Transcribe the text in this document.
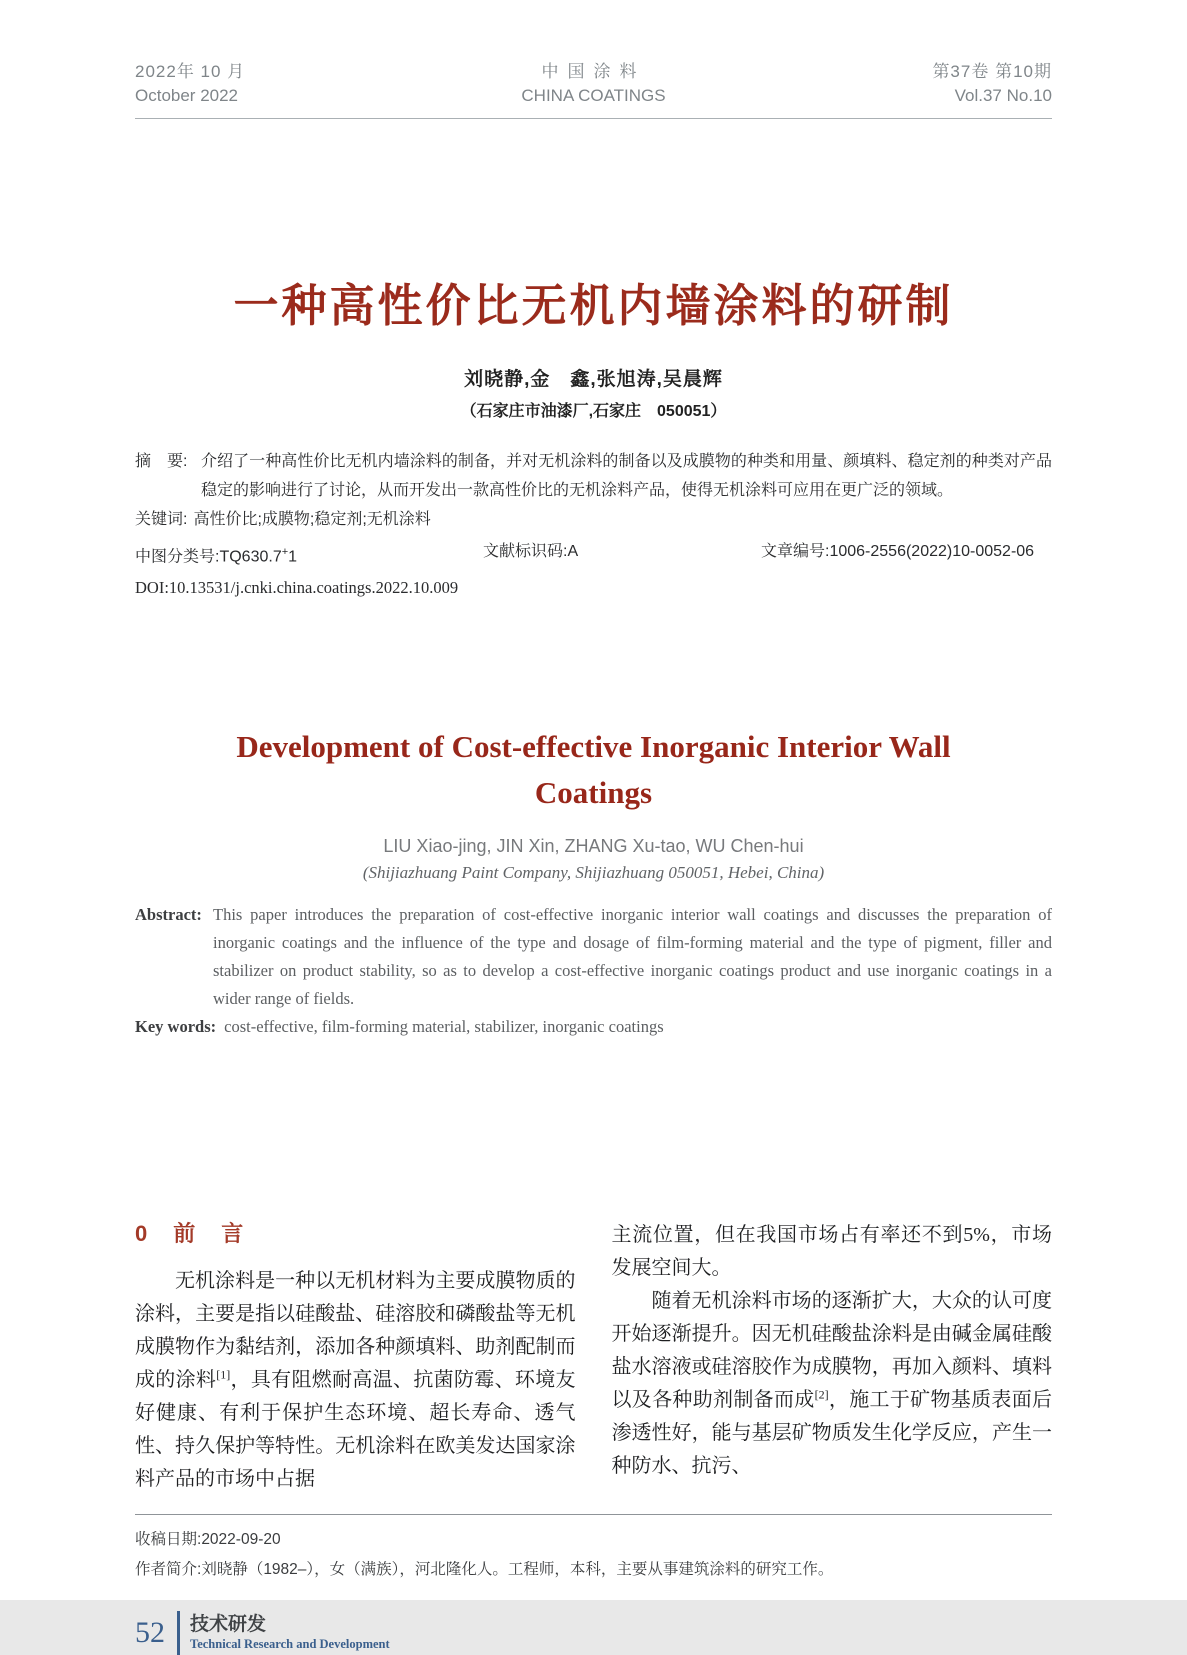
2022年 10 月	中国涂料	第37卷 第10期
October 2022	CHINA COATINGS	Vol.37 No.10
一种高性价比无机内墙涂料的研制
刘晓静,金　鑫,张旭涛,吴晨辉
（石家庄市油漆厂,石家庄　050051）
摘　要: 介绍了一种高性价比无机内墙涂料的制备，并对无机涂料的制备以及成膜物的种类和用量、颜填料、稳定剂的种类对产品稳定的影响进行了讨论，从而开发出一款高性价比的无机涂料产品，使得无机涂料可应用在更广泛的领域。
关键词: 高性价比;成膜物;稳定剂;无机涂料
中图分类号:TQ630.7+1	文献标识码:A	文章编号:1006-2556(2022)10-0052-06
DOI:10.13531/j.cnki.china.coatings.2022.10.009
Development of Cost-effective Inorganic Interior Wall
Coatings
LIU Xiao-jing, JIN Xin, ZHANG Xu-tao, WU Chen-hui
(Shijiazhuang Paint Company, Shijiazhuang 050051, Hebei, China)
Abstract: This paper introduces the preparation of cost-effective inorganic interior wall coatings and discusses the preparation of inorganic coatings and the influence of the type and dosage of film-forming material and the type of pigment, filler and stabilizer on product stability, so as to develop a cost-effective inorganic coatings product and use inorganic coatings in a wider range of fields.
Key words: cost-effective, film-forming material, stabilizer, inorganic coatings
0 前言

无机涂料是一种以无机材料为主要成膜物质的涂料，主要是指以硅酸盐、硅溶胶和磷酸盐等无机成膜物作为黏结剂，添加各种颜填料、助剂配制而成的涂料[1]，具有阻燃耐高温、抗菌防霉、环境友好健康、有利于保护生态环境、超长寿命、透气性、持久保护等特性。无机涂料在欧美发达国家涂料产品的市场中占据

主流位置，但在我国市场占有率还不到5%，市场发展空间大。

随着无机涂料市场的逐渐扩大，大众的认可度开始逐渐提升。因无机硅酸盐涂料是由碱金属硅酸盐水溶液或硅溶胶作为成膜物，再加入颜料、填料以及各种助剂制备而成[2]，施工于矿物基质表面后渗透性好，能与基层矿物质发生化学反应，产生一种防水、抗污、

收稿日期:2022-09-20
作者简介:刘晓静（1982–），女（满族），河北隆化人。工程师，本科，主要从事建筑涂料的研究工作。
52 技术研发
Technical Research and Development
